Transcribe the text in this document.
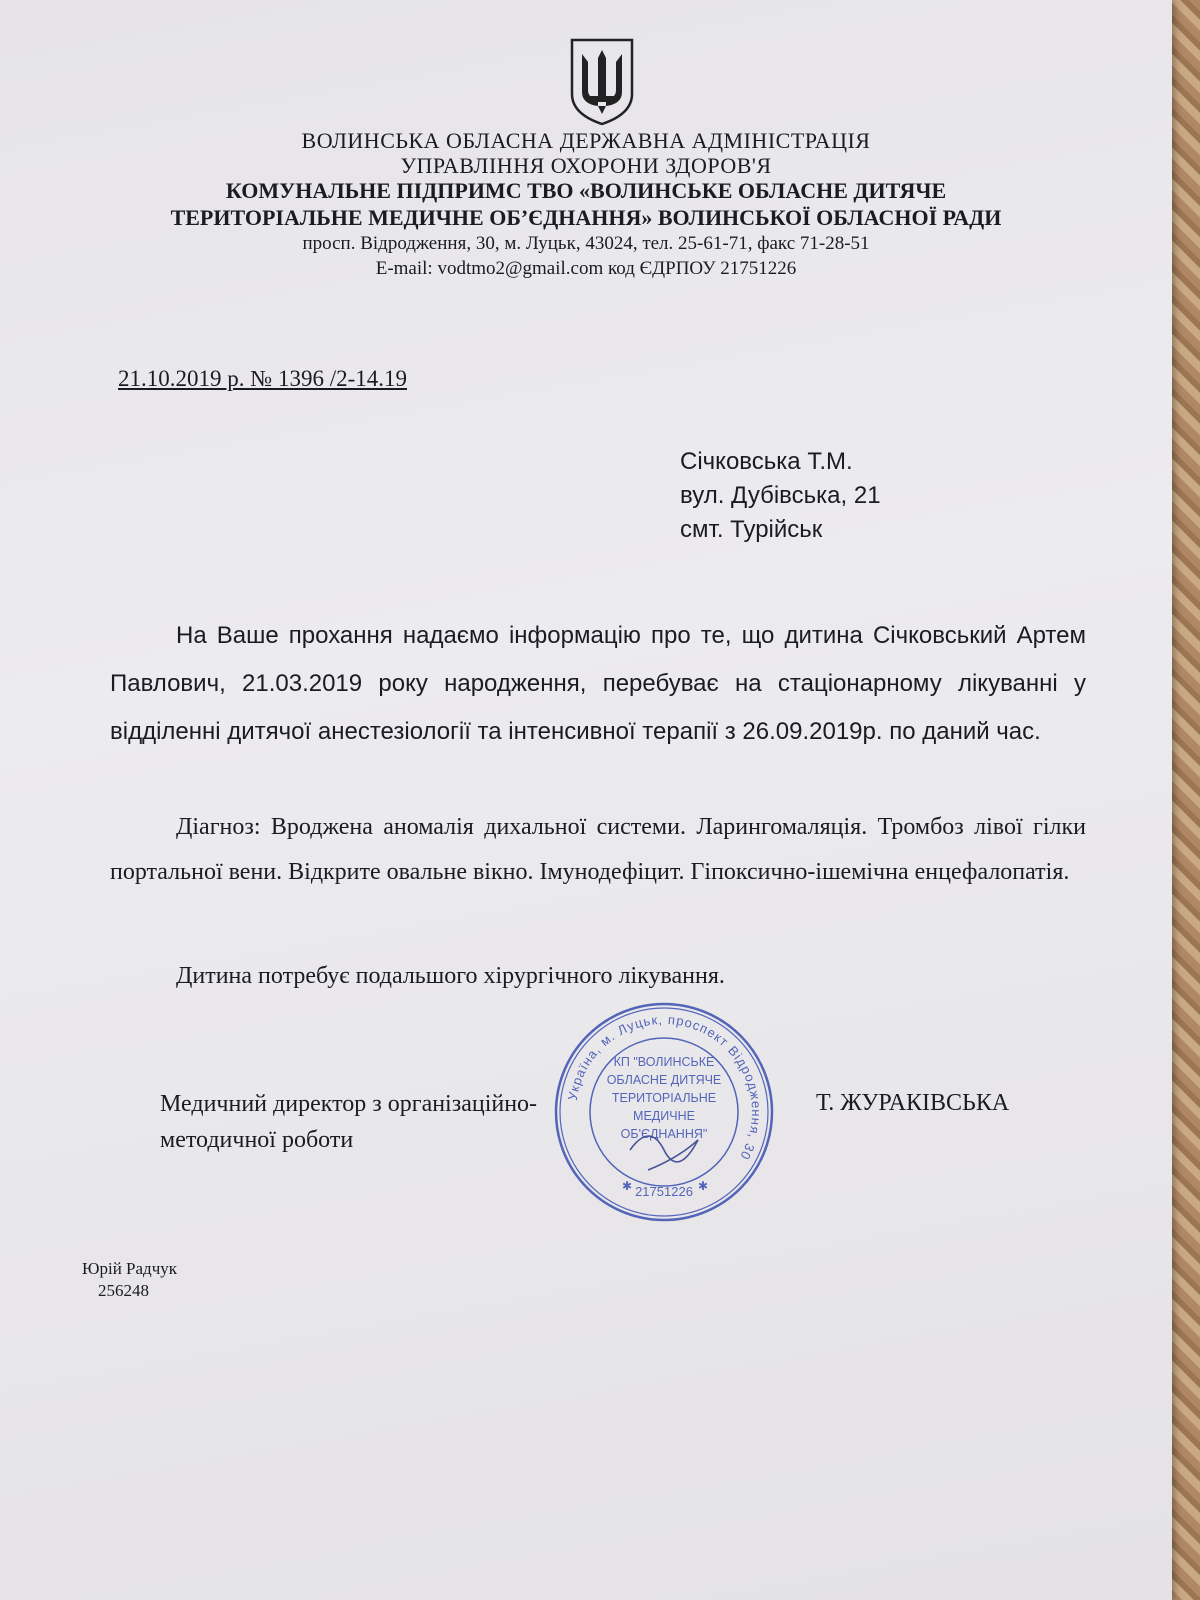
ВОЛИНСЬКА ОБЛАСНА ДЕРЖАВНА АДМІНІСТРАЦІЯ
УПРАВЛІННЯ ОХОРОНИ ЗДОРОВ'Я
КОМУНАЛЬНЕ ПІДПРИМС ТВО «ВОЛИНСЬКЕ ОБЛАСНЕ ДИТЯЧЕ
ТЕРИТОРІАЛЬНЕ МЕДИЧНЕ ОБ’ЄДНАННЯ» ВОЛИНСЬКОЇ ОБЛАСНОЇ РАДИ
просп. Відродження, 30, м. Луцьк, 43024, тел. 25-61-71, факс 71-28-51
E-mail: vodtmo2@gmail.com код ЄДРПОУ 21751226
21.10.2019 р. № 1396 /2-14.19
Січковська Т.М.
вул. Дубівська, 21
смт. Турійськ
На Ваше прохання надаємо інформацію про те, що дитина Січковський Артем Павлович, 21.03.2019 року народження, перебуває на стаціонарному лікуванні у відділенні дитячої анестезіології та інтенсивної терапії з 26.09.2019р. по даний час.
Діагноз: Вроджена аномалія дихальної системи. Ларингомаляція. Тромбоз лівої гілки портальної вени. Відкрите овальне вікно. Імунодефіцит. Гіпоксично-ішемічна енцефалопатія.
Дитина потребує подальшого хірургічного лікування.
Медичний директор з організаційно-
методичної роботи
Т. ЖУРАКІВСЬКА
Україна, м. Луцьк, проспект Відродження, 30
КП "ВОЛИНСЬКЕ
ОБЛАСНЕ ДИТЯЧЕ
ТЕРИТОРІАЛЬНЕ
МЕДИЧНЕ
ОБ'ЄДНАННЯ"
21751226
✱	✱
Юрій Радчук
256248
